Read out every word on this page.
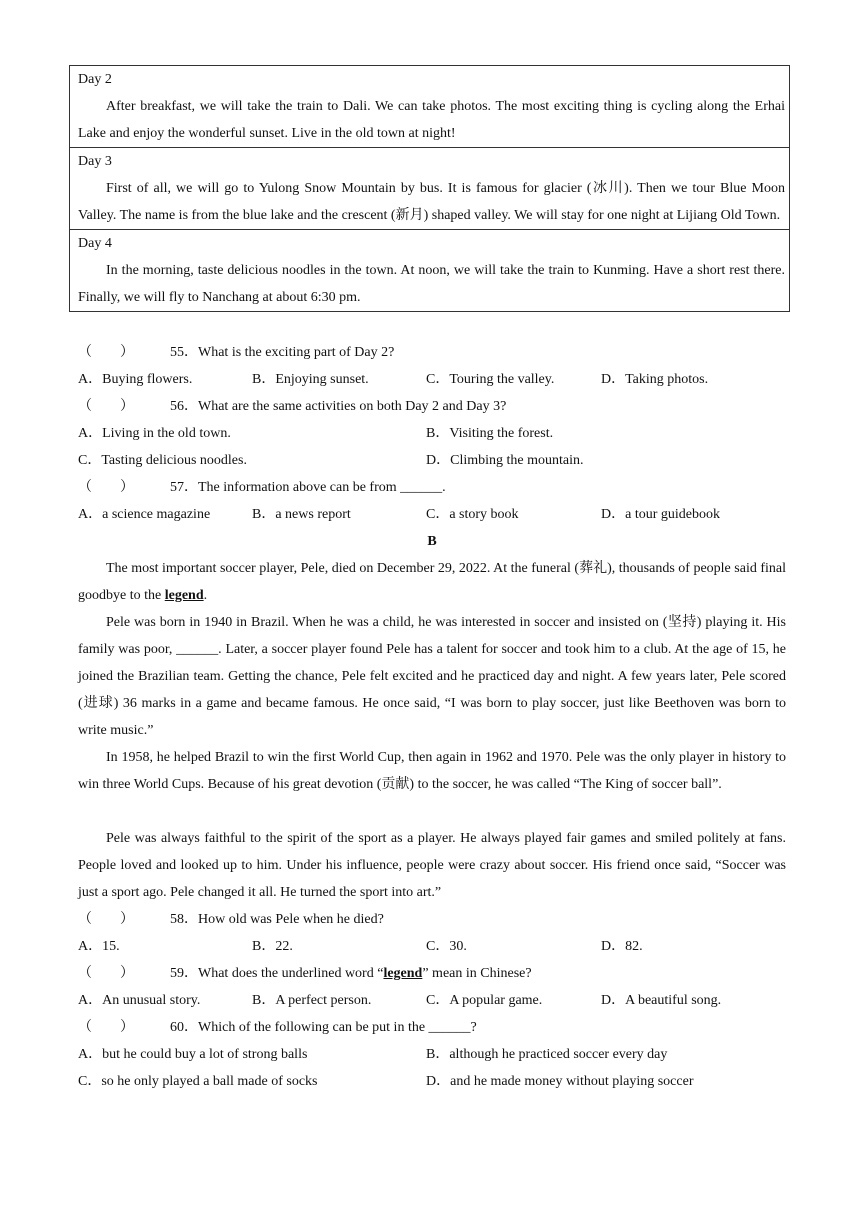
Day 2
After breakfast, we will take the train to Dali. We can take photos. The most exciting thing is cycling along the Erhai Lake and enjoy the wonderful sunset. Live in the old town at night!
Day 3
First of all, we will go to Yulong Snow Mountain by bus. It is famous for glacier (冰川). Then we tour Blue Moon Valley. The name is from the blue lake and the crescent (新月) shaped valley. We will stay for one night at Lijiang Old Town.
Day 4
In the morning, taste delicious noodles in the town. At noon, we will take the train to Kunming. Have a short rest there. Finally, we will fly to Nanchang at about 6:30 pm.
（　　）	55．What is the exciting part of Day 2?
A．Buying flowers.	B．Enjoying sunset.	C．Touring the valley.	D．Taking photos.
（　　）	56．What are the same activities on both Day 2 and Day 3?
A．Living in the old town.	B．Visiting the forest.
C．Tasting delicious noodles.	D．Climbing the mountain.
（　　）	57．The information above can be from ______.
A．a science magazine	B．a news report	C．a story book	D．a tour guidebook
B
The most important soccer player, Pele, died on December 29, 2022. At the funeral (葬礼), thousands of people said final goodbye to the legend.
Pele was born in 1940 in Brazil. When he was a child, he was interested in soccer and insisted on (坚持) playing it. His family was poor, ______. Later, a soccer player found Pele has a talent for soccer and took him to a club. At the age of 15, he joined the Brazilian team. Getting the chance, Pele felt excited and he practiced day and night. A few years later, Pele scored (进球) 36 marks in a game and became famous. He once said, “I was born to play soccer, just like Beethoven was born to write music.”
In 1958, he helped Brazil to win the first World Cup, then again in 1962 and 1970. Pele was the only player in history to win three World Cups. Because of his great devotion (贡献) to the soccer, he was called “The King of soccer ball”.
Pele was always faithful to the spirit of the sport as a player. He always played fair games and smiled politely at fans. People loved and looked up to him. Under his influence, people were crazy about soccer. His friend once said, “Soccer was just a sport ago. Pele changed it all. He turned the sport into art.”
（　　）	58．How old was Pele when he died?
A．15.	B．22.	C．30.	D．82.
（　　）	59．What does the underlined word “legend” mean in Chinese?
A．An unusual story.	B．A perfect person.	C．A popular game.	D．A beautiful song.
（　　）	60．Which of the following can be put in the ______?
A．but he could buy a lot of strong balls	B．although he practiced soccer every day
C．so he only played a ball made of socks	D．and he made money without playing soccer
